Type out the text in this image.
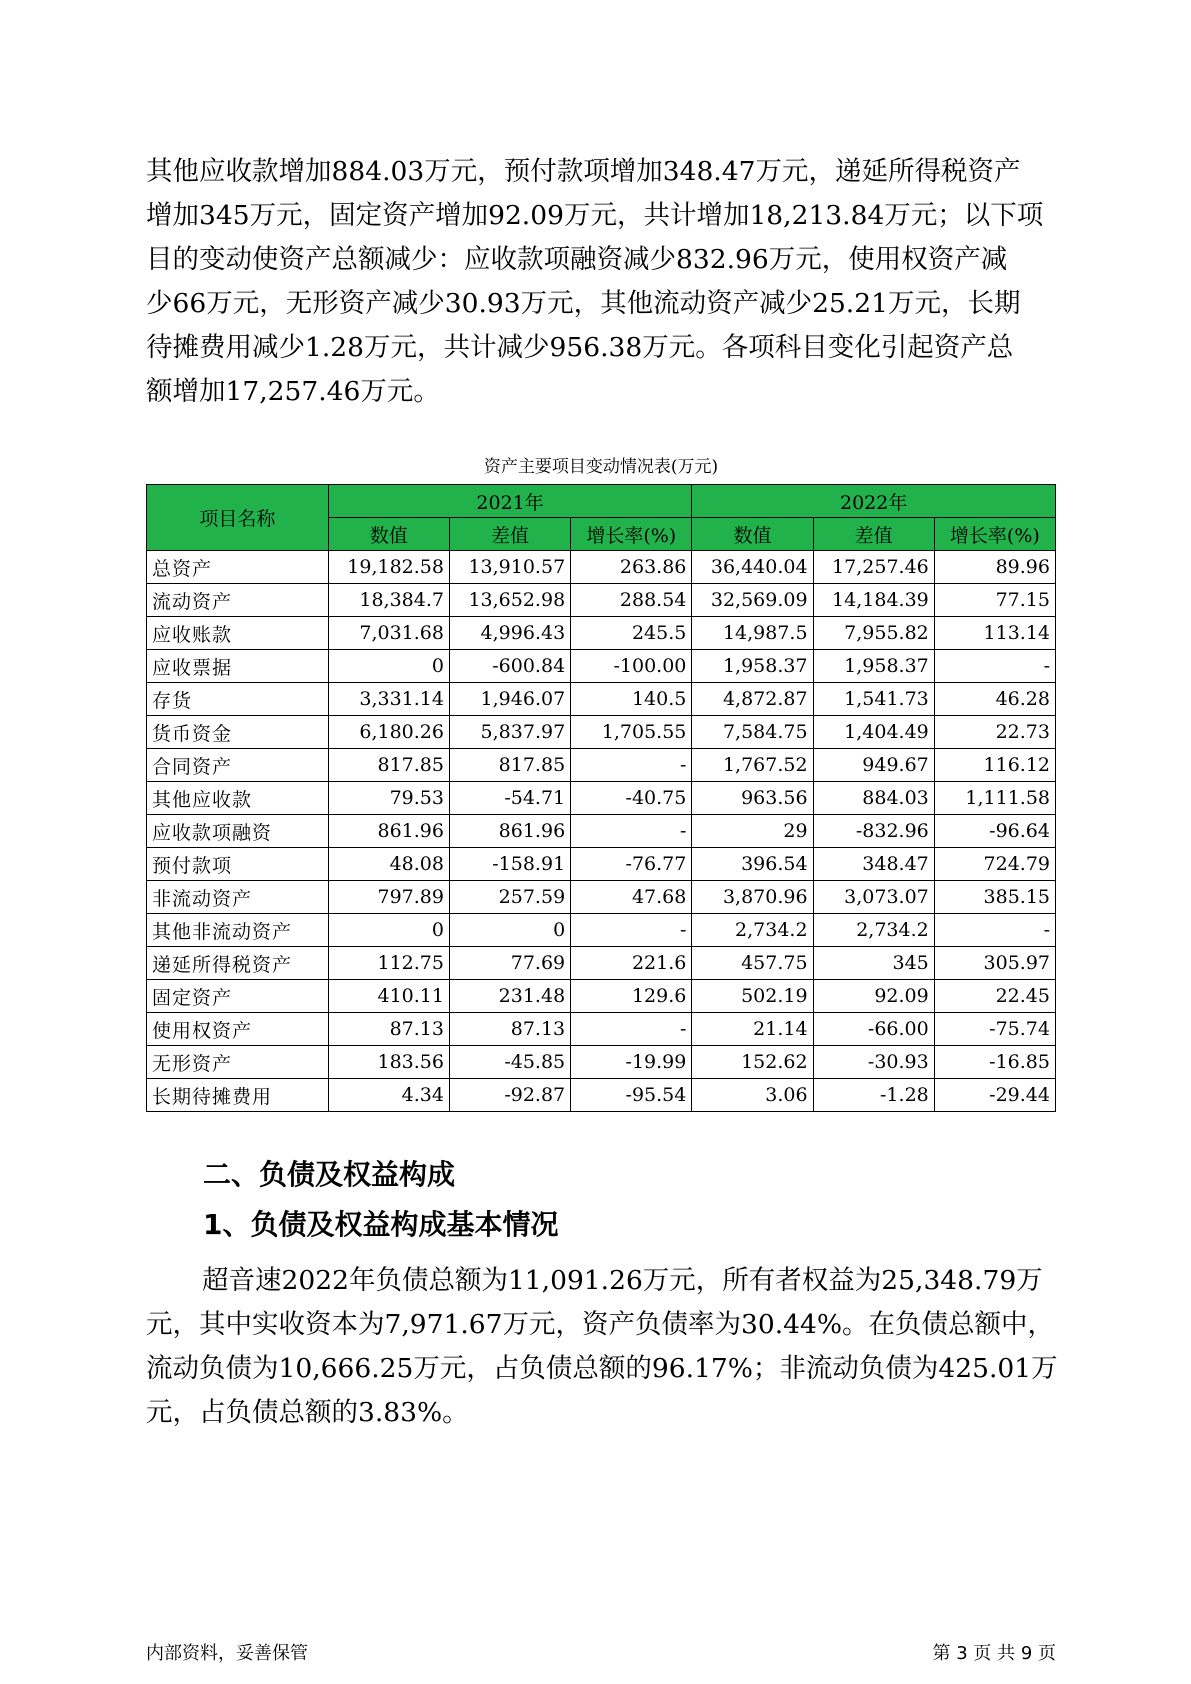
其他应收款增加884.03万元，预付款项增加348.47万元，递延所得税资产
增加345万元，固定资产增加92.09万元，共计增加18,213.84万元；以下项
目的变动使资产总额减少：应收款项融资减少832.96万元，使用权资产减
少66万元，无形资产减少30.93万元，其他流动资产减少25.21万元，长期
待摊费用减少1.28万元，共计减少956.38万元。各项科目变化引起资产总
额增加17,257.46万元。
资产主要项目变动情况表(万元)
项目名称	2021年			2022年		
	数值	差值	增长率(%)	数值	差值	增长率(%)
总资产	19,182.58	13,910.57	263.86	36,440.04	17,257.46	89.96
流动资产	18,384.7	13,652.98	288.54	32,569.09	14,184.39	77.15
应收账款	7,031.68	4,996.43	245.5	14,987.5	7,955.82	113.14
应收票据	0	-600.84	-100.00	1,958.37	1,958.37	-
存货	3,331.14	1,946.07	140.5	4,872.87	1,541.73	46.28
货币资金	6,180.26	5,837.97	1,705.55	7,584.75	1,404.49	22.73
合同资产	817.85	817.85	-	1,767.52	949.67	116.12
其他应收款	79.53	-54.71	-40.75	963.56	884.03	1,111.58
应收款项融资	861.96	861.96	-	29	-832.96	-96.64
预付款项	48.08	-158.91	-76.77	396.54	348.47	724.79
非流动资产	797.89	257.59	47.68	3,870.96	3,073.07	385.15
其他非流动资产	0	0	-	2,734.2	2,734.2	-
递延所得税资产	112.75	77.69	221.6	457.75	345	305.97
固定资产	410.11	231.48	129.6	502.19	92.09	22.45
使用权资产	87.13	87.13	-	21.14	-66.00	-75.74
无形资产	183.56	-45.85	-19.99	152.62	-30.93	-16.85
长期待摊费用	4.34	-92.87	-95.54	3.06	-1.28	-29.44
二、负债及权益构成
1、负债及权益构成基本情况
超音速2022年负债总额为11,091.26万元，所有者权益为25,348.79万
元，其中实收资本为7,971.67万元，资产负债率为30.44%。在负债总额中，
流动负债为10,666.25万元，占负债总额的96.17%；非流动负债为425.01万
元，占负债总额的3.83%。
内部资料，妥善保管	第 3 页 共 9 页
